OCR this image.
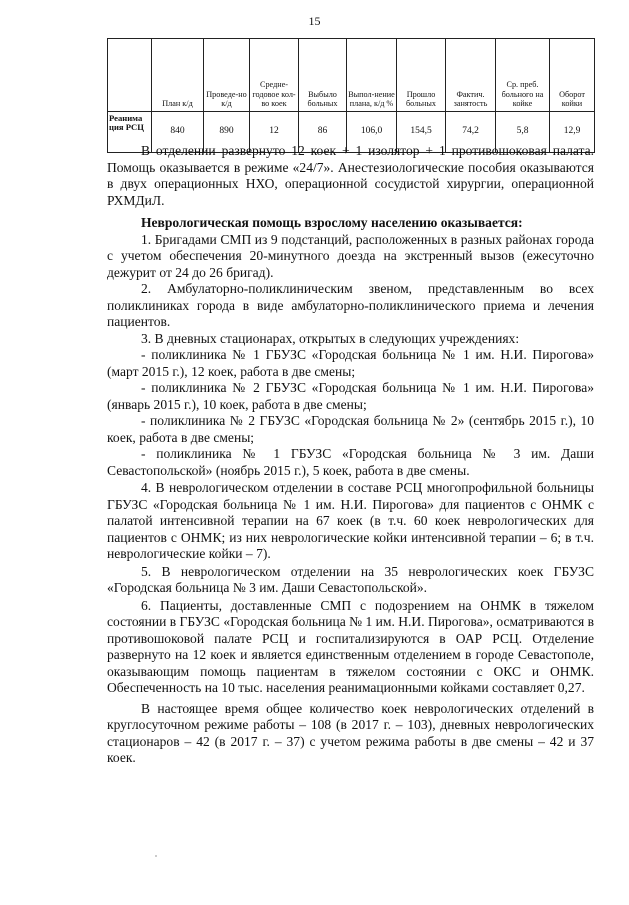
15
	План к/д	Проведе-но к/д	Средне-годовое кол-во коек	Выбыло больных	Выпол-нение плана, к/д %	Прошло больных	Фактич. занятость	Ср. преб. больного на койке	Оборот койки
Реанима ция РСЦ	840	890	12	86	106,0	154,5	74,2	5,8	12,9

В отделении развернуто 12 коек + 1 изолятор + 1 противошоковая палата. Помощь оказывается в режиме «24/7». Анестезиологические пособия оказываются в двух операционных НХО, операционной сосудистой хирургии, операционной РХМДиЛ.

Неврологическая помощь взрослому населению оказывается:

1. Бригадами СМП из 9 подстанций, расположенных в разных районах города с учетом обеспечения 20-минутного доезда на экстренный вызов (ежесуточно дежурит от 24 до 26 бригад).

2. Амбулаторно-поликлиническим звеном, представленным во всех поликлиниках города в виде амбулаторно-поликлинического приема и лечения пациентов.

3. В дневных стационарах, открытых в следующих учреждениях:

- поликлиника № 1 ГБУЗС «Городская больница № 1 им. Н.И. Пирогова» (март 2015 г.), 12 коек, работа в две смены;

- поликлиника № 2 ГБУЗС «Городская больница № 1 им. Н.И. Пирогова» (январь 2015 г.), 10 коек, работа в две смены;

- поликлиника № 2 ГБУЗС «Городская больница № 2» (сентябрь 2015 г.), 10 коек, работа в две смены;

- поликлиника № 1 ГБУЗС «Городская больница № 3 им. Даши Севастопольской» (ноябрь 2015 г.), 5 коек, работа в две смены.

4. В неврологическом отделении в составе РСЦ многопрофильной больницы ГБУЗС «Городская больница № 1 им. Н.И. Пирогова» для пациентов с ОНМК с палатой интенсивной терапии на 67 коек (в т.ч. 60 коек неврологических для пациентов с ОНМК; из них неврологические койки интенсивной терапии – 6; в т.ч. неврологические койки – 7).

5. В неврологическом отделении на 35 неврологических коек ГБУЗС «Городская больница № 3 им. Даши Севастопольской».

6. Пациенты, доставленные СМП с подозрением на ОНМК в тяжелом состоянии в ГБУЗС «Городская больница № 1 им. Н.И. Пирогова», осматриваются в противошоковой палате РСЦ и госпитализируются в ОАР РСЦ. Отделение развернуто на 12 коек и является единственным отделением в городе Севастополе, оказывающим помощь пациентам в тяжелом состоянии с ОКС и ОНМК. Обеспеченность на 10 тыс. населения реанимационными койками составляет 0,27.

В настоящее время общее количество коек неврологических отделений в круглосуточном режиме работы – 108 (в 2017 г. – 103), дневных неврологических стационаров – 42 (в 2017 г. – 37) с учетом режима работы в две смены – 42 и 37 коек.
